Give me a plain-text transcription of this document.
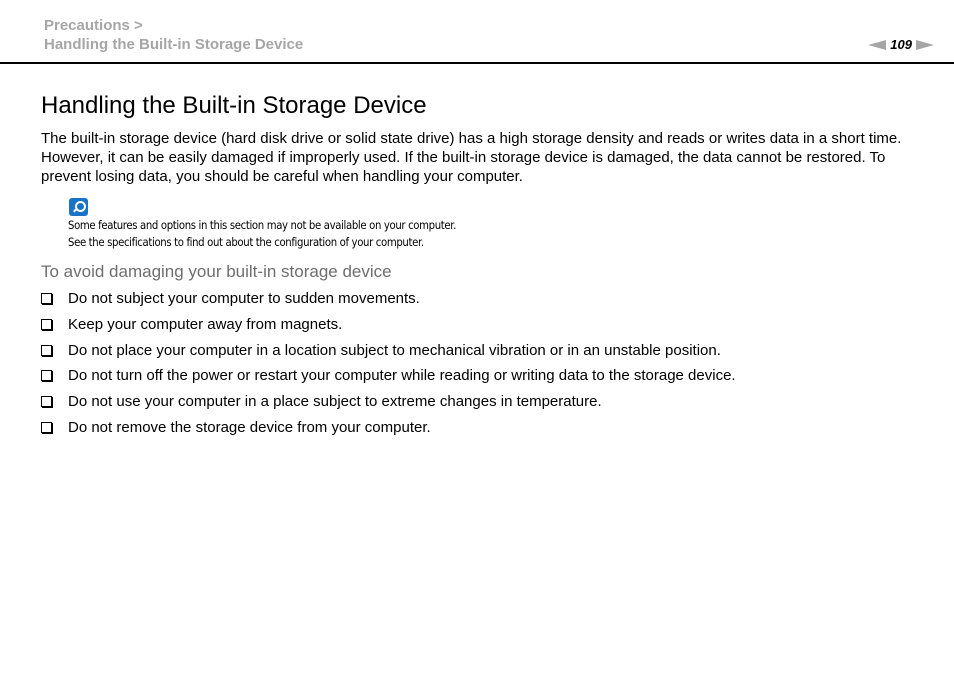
Precautions >
Handling the Built-in Storage Device	109
Handling the Built-in Storage Device

The built-in storage device (hard disk drive or solid state drive) has a high storage density and reads or writes data in a short time. However, it can be easily damaged if improperly used. If the built-in storage device is damaged, the data cannot be restored. To prevent losing data, you should be careful when handling your computer.

Some features and options in this section may not be available on your computer.
See the specifications to find out about the configuration of your computer.
To avoid damaging your built-in storage device
Do not subject your computer to sudden movements.
Keep your computer away from magnets.
Do not place your computer in a location subject to mechanical vibration or in an unstable position.
Do not turn off the power or restart your computer while reading or writing data to the storage device.
Do not use your computer in a place subject to extreme changes in temperature.
Do not remove the storage device from your computer.
